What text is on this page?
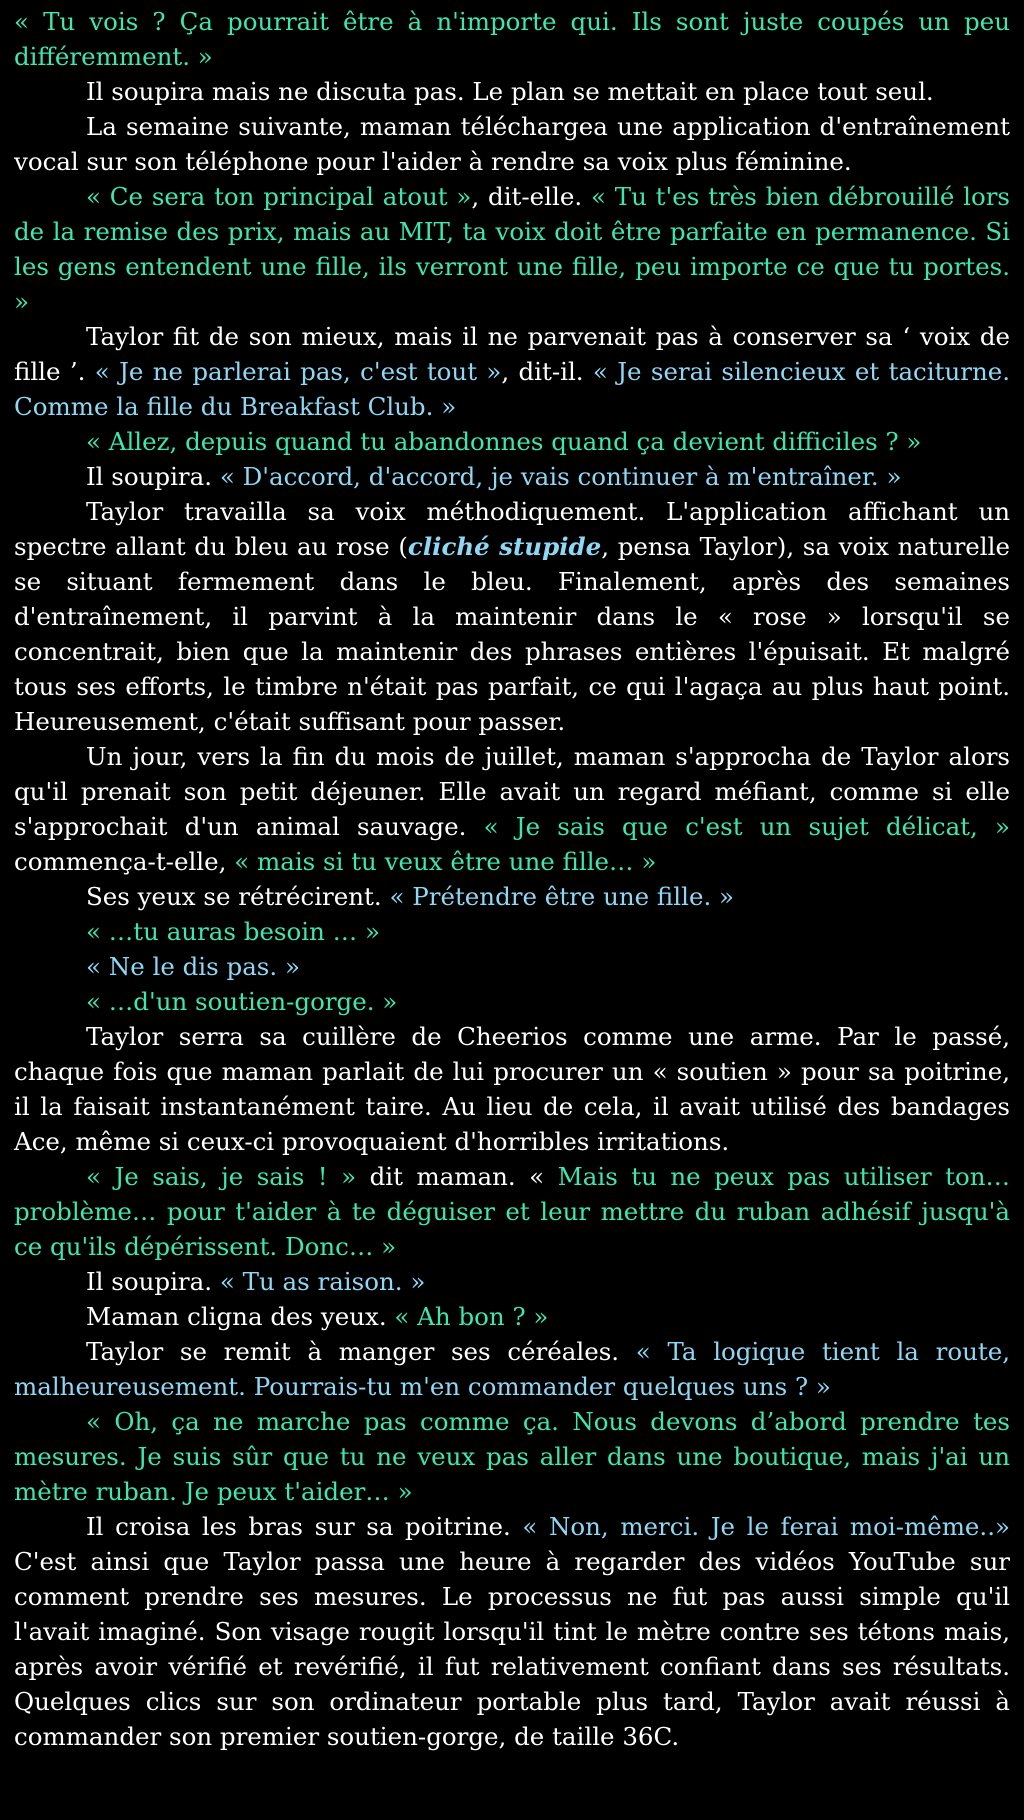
« Tu vois ? Ça pourrait être à n'importe qui. Ils sont juste coupés un peu différemment. »

Il soupira mais ne discuta pas. Le plan se mettait en place tout seul.

La semaine suivante, maman téléchargea une application d'entraînement vocal sur son téléphone pour l'aider à rendre sa voix plus féminine.

« Ce sera ton principal atout », dit-elle. « Tu t'es très bien débrouillé lors de la remise des prix, mais au MIT, ta voix doit être parfaite en permanence. Si les gens entendent une fille, ils verront une fille, peu importe ce que tu portes. »

Taylor fit de son mieux, mais il ne parvenait pas à conserver sa ‘ voix de fille ’. « Je ne parlerai pas, c'est tout », dit-il. « Je serai silencieux et taciturne. Comme la fille du Breakfast Club. »

« Allez, depuis quand tu abandonnes quand ça devient difficiles ? »

Il soupira. « D'accord, d'accord, je vais continuer à m'entraîner. »

Taylor travailla sa voix méthodiquement. L'application affichant un spectre allant du bleu au rose (cliché stupide, pensa Taylor), sa voix naturelle se situant fermement dans le bleu. Finalement, après des semaines d'entraînement, il parvint à la maintenir dans le « rose » lorsqu'il se concentrait, bien que la maintenir des phrases entières l'épuisait. Et malgré tous ses efforts, le timbre n'était pas parfait, ce qui l'agaça au plus haut point. Heureusement, c'était suffisant pour passer.

Un jour, vers la fin du mois de juillet, maman s'approcha de Taylor alors qu'il prenait son petit déjeuner. Elle avait un regard méfiant, comme si elle s'approchait d'un animal sauvage. « Je sais que c'est un sujet délicat, » commença-t-elle, « mais si tu veux être une fille… »

Ses yeux se rétrécirent. « Prétendre être une fille. »

« …tu auras besoin … »

« Ne le dis pas. »

« …d'un soutien-gorge. »

Taylor serra sa cuillère de Cheerios comme une arme. Par le passé, chaque fois que maman parlait de lui procurer un « soutien » pour sa poitrine, il la faisait instantanément taire. Au lieu de cela, il avait utilisé des bandages Ace, même si ceux-ci provoquaient d'horribles irritations.

« Je sais, je sais ! » dit maman. « Mais tu ne peux pas utiliser ton… problème… pour t'aider à te déguiser et leur mettre du ruban adhésif jusqu'à ce qu'ils dépérissent. Donc… »

Il soupira. « Tu as raison. »

Maman cligna des yeux. « Ah bon ? »

Taylor se remit à manger ses céréales. « Ta logique tient la route, malheureusement. Pourrais-tu m'en commander quelques uns ? »

« Oh, ça ne marche pas comme ça. Nous devons d’abord prendre tes mesures. Je suis sûr que tu ne veux pas aller dans une boutique, mais j'ai un mètre ruban. Je peux t'aider… »

Il croisa les bras sur sa poitrine. « Non, merci. Je le ferai moi-même..» C'est ainsi que Taylor passa une heure à regarder des vidéos YouTube sur comment prendre ses mesures. Le processus ne fut pas aussi simple qu'il l'avait imaginé. Son visage rougit lorsqu'il tint le mètre contre ses tétons mais, après avoir vérifié et revérifié, il fut relativement confiant dans ses résultats. Quelques clics sur son ordinateur portable plus tard, Taylor avait réussi à commander son premier soutien-gorge, de taille 36C.
